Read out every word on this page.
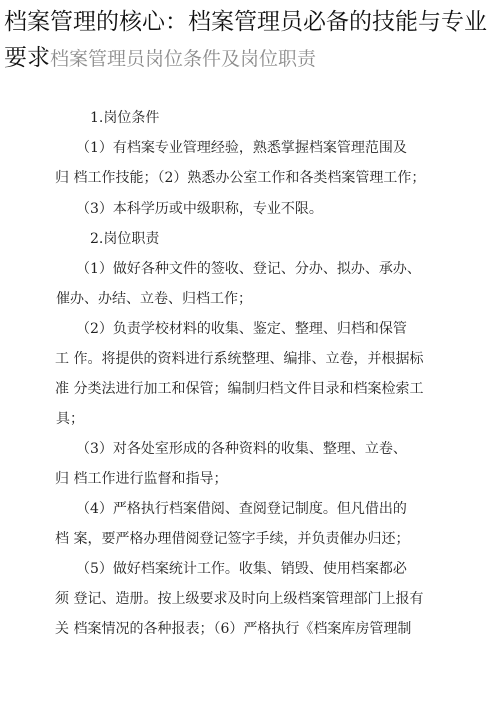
档案管理的核心：档案管理员必备的技能与专业要求档案管理员岗位条件及岗位职责
1.岗位条件
（1）有档案专业管理经验，熟悉掌握档案管理范围及
归 档工作技能；（2）熟悉办公室工作和各类档案管理工作；
（3）本科学历或中级职称，专业不限。
2.岗位职责
（1）做好各种文件的签收、登记、分办、拟办、承办、
催办、办结、立卷、归档工作；
（2）负责学校材料的收集、鉴定、整理、归档和保管
工 作。将提供的资料进行系统整理、编排、立卷，并根据标
准 分类法进行加工和保管；编制归档文件目录和档案检索工
具；
（3）对各处室形成的各种资料的收集、整理、立卷、
归 档工作进行监督和指导；
（4）严格执行档案借阅、查阅登记制度。但凡借出的
档 案，要严格办理借阅登记签字手续，并负责催办归还；
（5）做好档案统计工作。收集、销毁、使用档案都必
须 登记、造册。按上级要求及时向上级档案管理部门上报有
关 档案情况的各种报表；（6）严格执行《档案库房管理制
